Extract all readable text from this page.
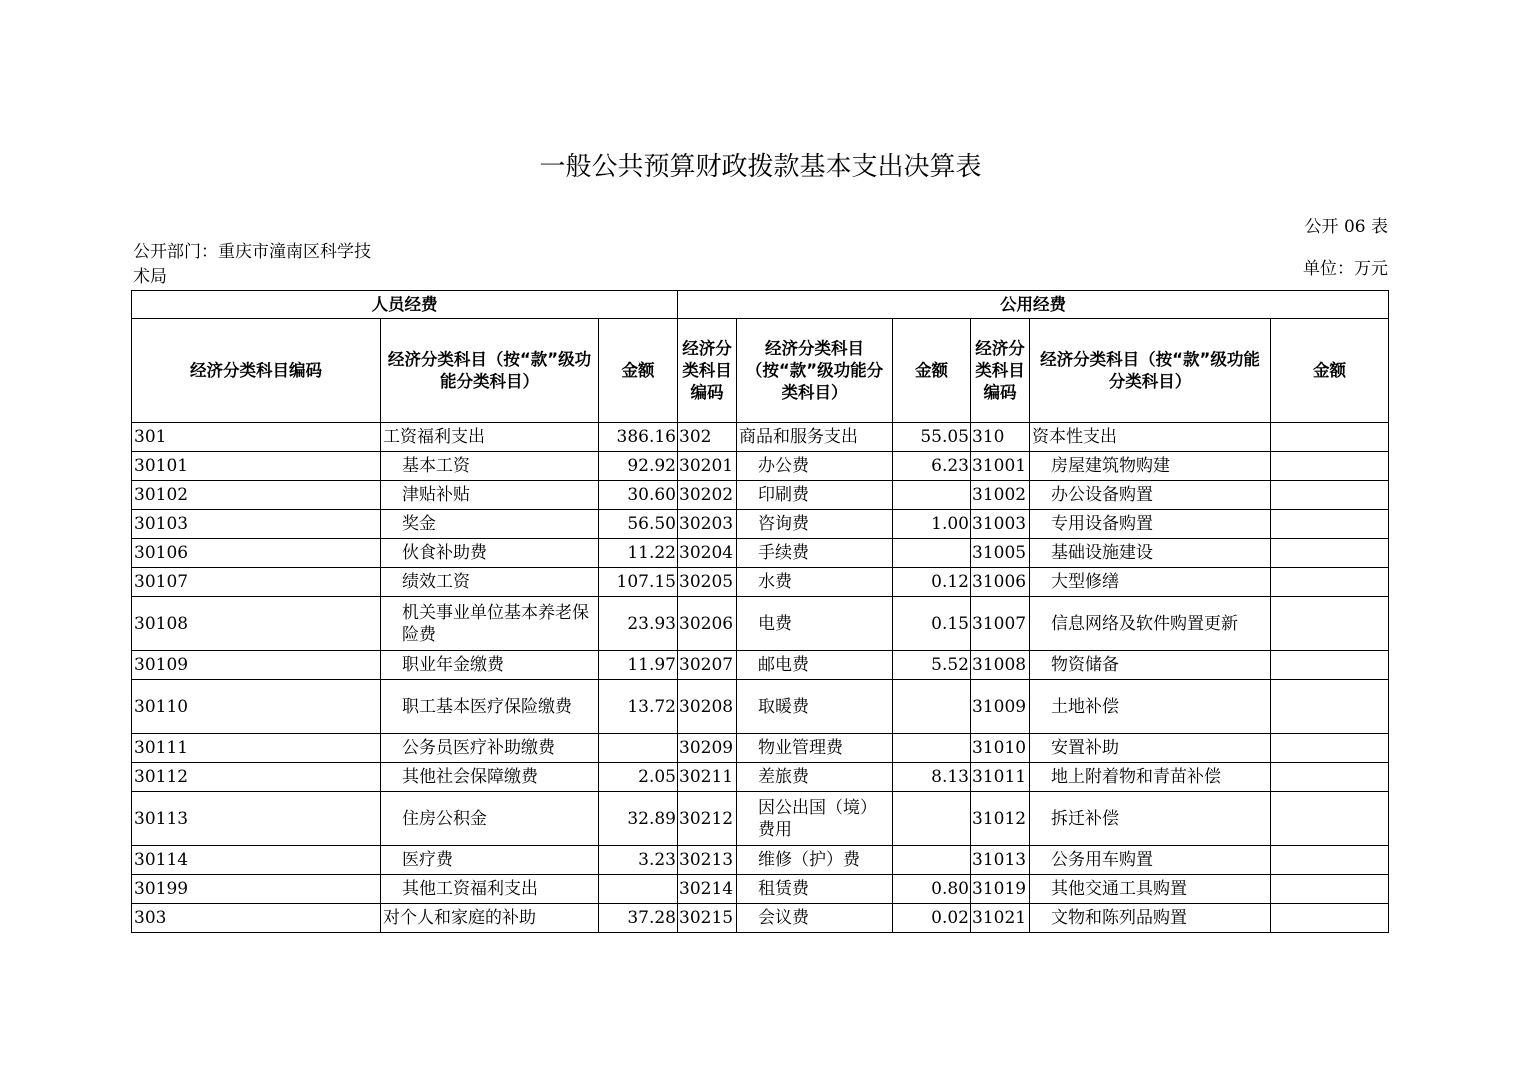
一般公共预算财政拨款基本支出决算表
公开 06 表
公开部门：重庆市潼南区科学技术局	单位：万元
人员经费			公用经费					
经济分类科目编码	经济分类科目（按“款”级功能分类科目）	金额	经济分类科目编码	经济分类科目（按“款”级功能分类科目）	金额	经济分类科目编码	经济分类科目（按“款”级功能分类科目）	金额
301	工资福利支出	386.16	302	商品和服务支出	55.05	310	资本性支出	
30101	基本工资	92.92	30201	办公费	6.23	31001	房屋建筑物购建	
30102	津贴补贴	30.60	30202	印刷费		31002	办公设备购置	
30103	奖金	56.50	30203	咨询费	1.00	31003	专用设备购置	
30106	伙食补助费	11.22	30204	手续费		31005	基础设施建设	
30107	绩效工资	107.15	30205	水费	0.12	31006	大型修缮	
30108	机关事业单位基本养老保险费	23.93	30206	电费	0.15	31007	信息网络及软件购置更新	
30109	职业年金缴费	11.97	30207	邮电费	5.52	31008	物资储备	
30110	职工基本医疗保险缴费	13.72	30208	取暖费		31009	土地补偿	
30111	公务员医疗补助缴费		30209	物业管理费		31010	安置补助	
30112	其他社会保障缴费	2.05	30211	差旅费	8.13	31011	地上附着物和青苗补偿	
30113	住房公积金	32.89	30212	因公出国（境）费用		31012	拆迁补偿	
30114	医疗费	3.23	30213	维修（护）费		31013	公务用车购置	
30199	其他工资福利支出		30214	租赁费	0.80	31019	其他交通工具购置	
303	对个人和家庭的补助	37.28	30215	会议费	0.02	31021	文物和陈列品购置	
